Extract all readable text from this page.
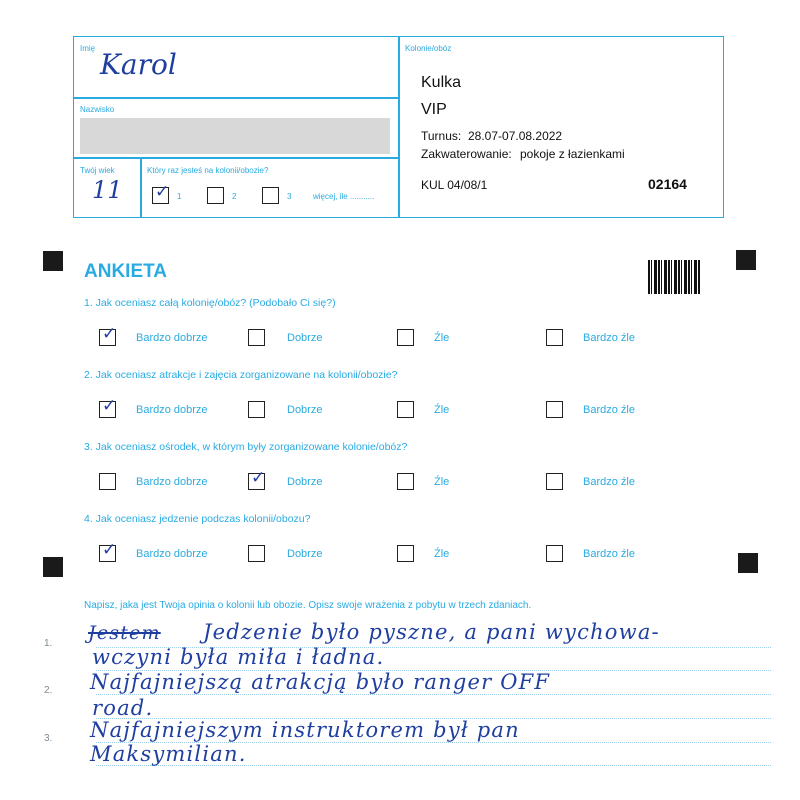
Imię Karol
Nazwisko
Twój wiek
11
Który raz jesteś na kolonii/obozie?
✓ 1	2	3	więcej, ile ...........
Kolonie/obóz
Kulka
VIP
Turnus: 28.07-07.08.2022
Zakwaterowanie: pokoje z łazienkami
KUL 04/08/1	02164
ANKIETA
1. Jak oceniasz całą kolonię/obóz? (Podobało Ci się?)
✓ Bardzo dobrze	Dobrze	Źle	Bardzo źle
2. Jak oceniasz atrakcje i zajęcia zorganizowane na kolonii/obozie?
✓ Bardzo dobrze	Dobrze	Źle	Bardzo źle
3. Jak oceniasz ośrodek, w którym były zorganizowane kolonie/obóz?
Bardzo dobrze	✓ Dobrze	Źle	Bardzo źle
4. Jak oceniasz jedzenie podczas kolonii/obozu?
✓ Bardzo dobrze	Dobrze	Źle	Bardzo źle
Napisz, jaka jest Twoja opinia o kolonii lub obozie. Opisz swoje wrażenia z pobytu w trzech zdaniach.
1.
2.
3.
Jestem Jedzenie było pyszne, a pani wychowa-
wczyni była miła i ładna.
Najfajniejszą atrakcją było ranger OFF
road.
Najfajniejszym instruktorem był pan
Maksymilian.
